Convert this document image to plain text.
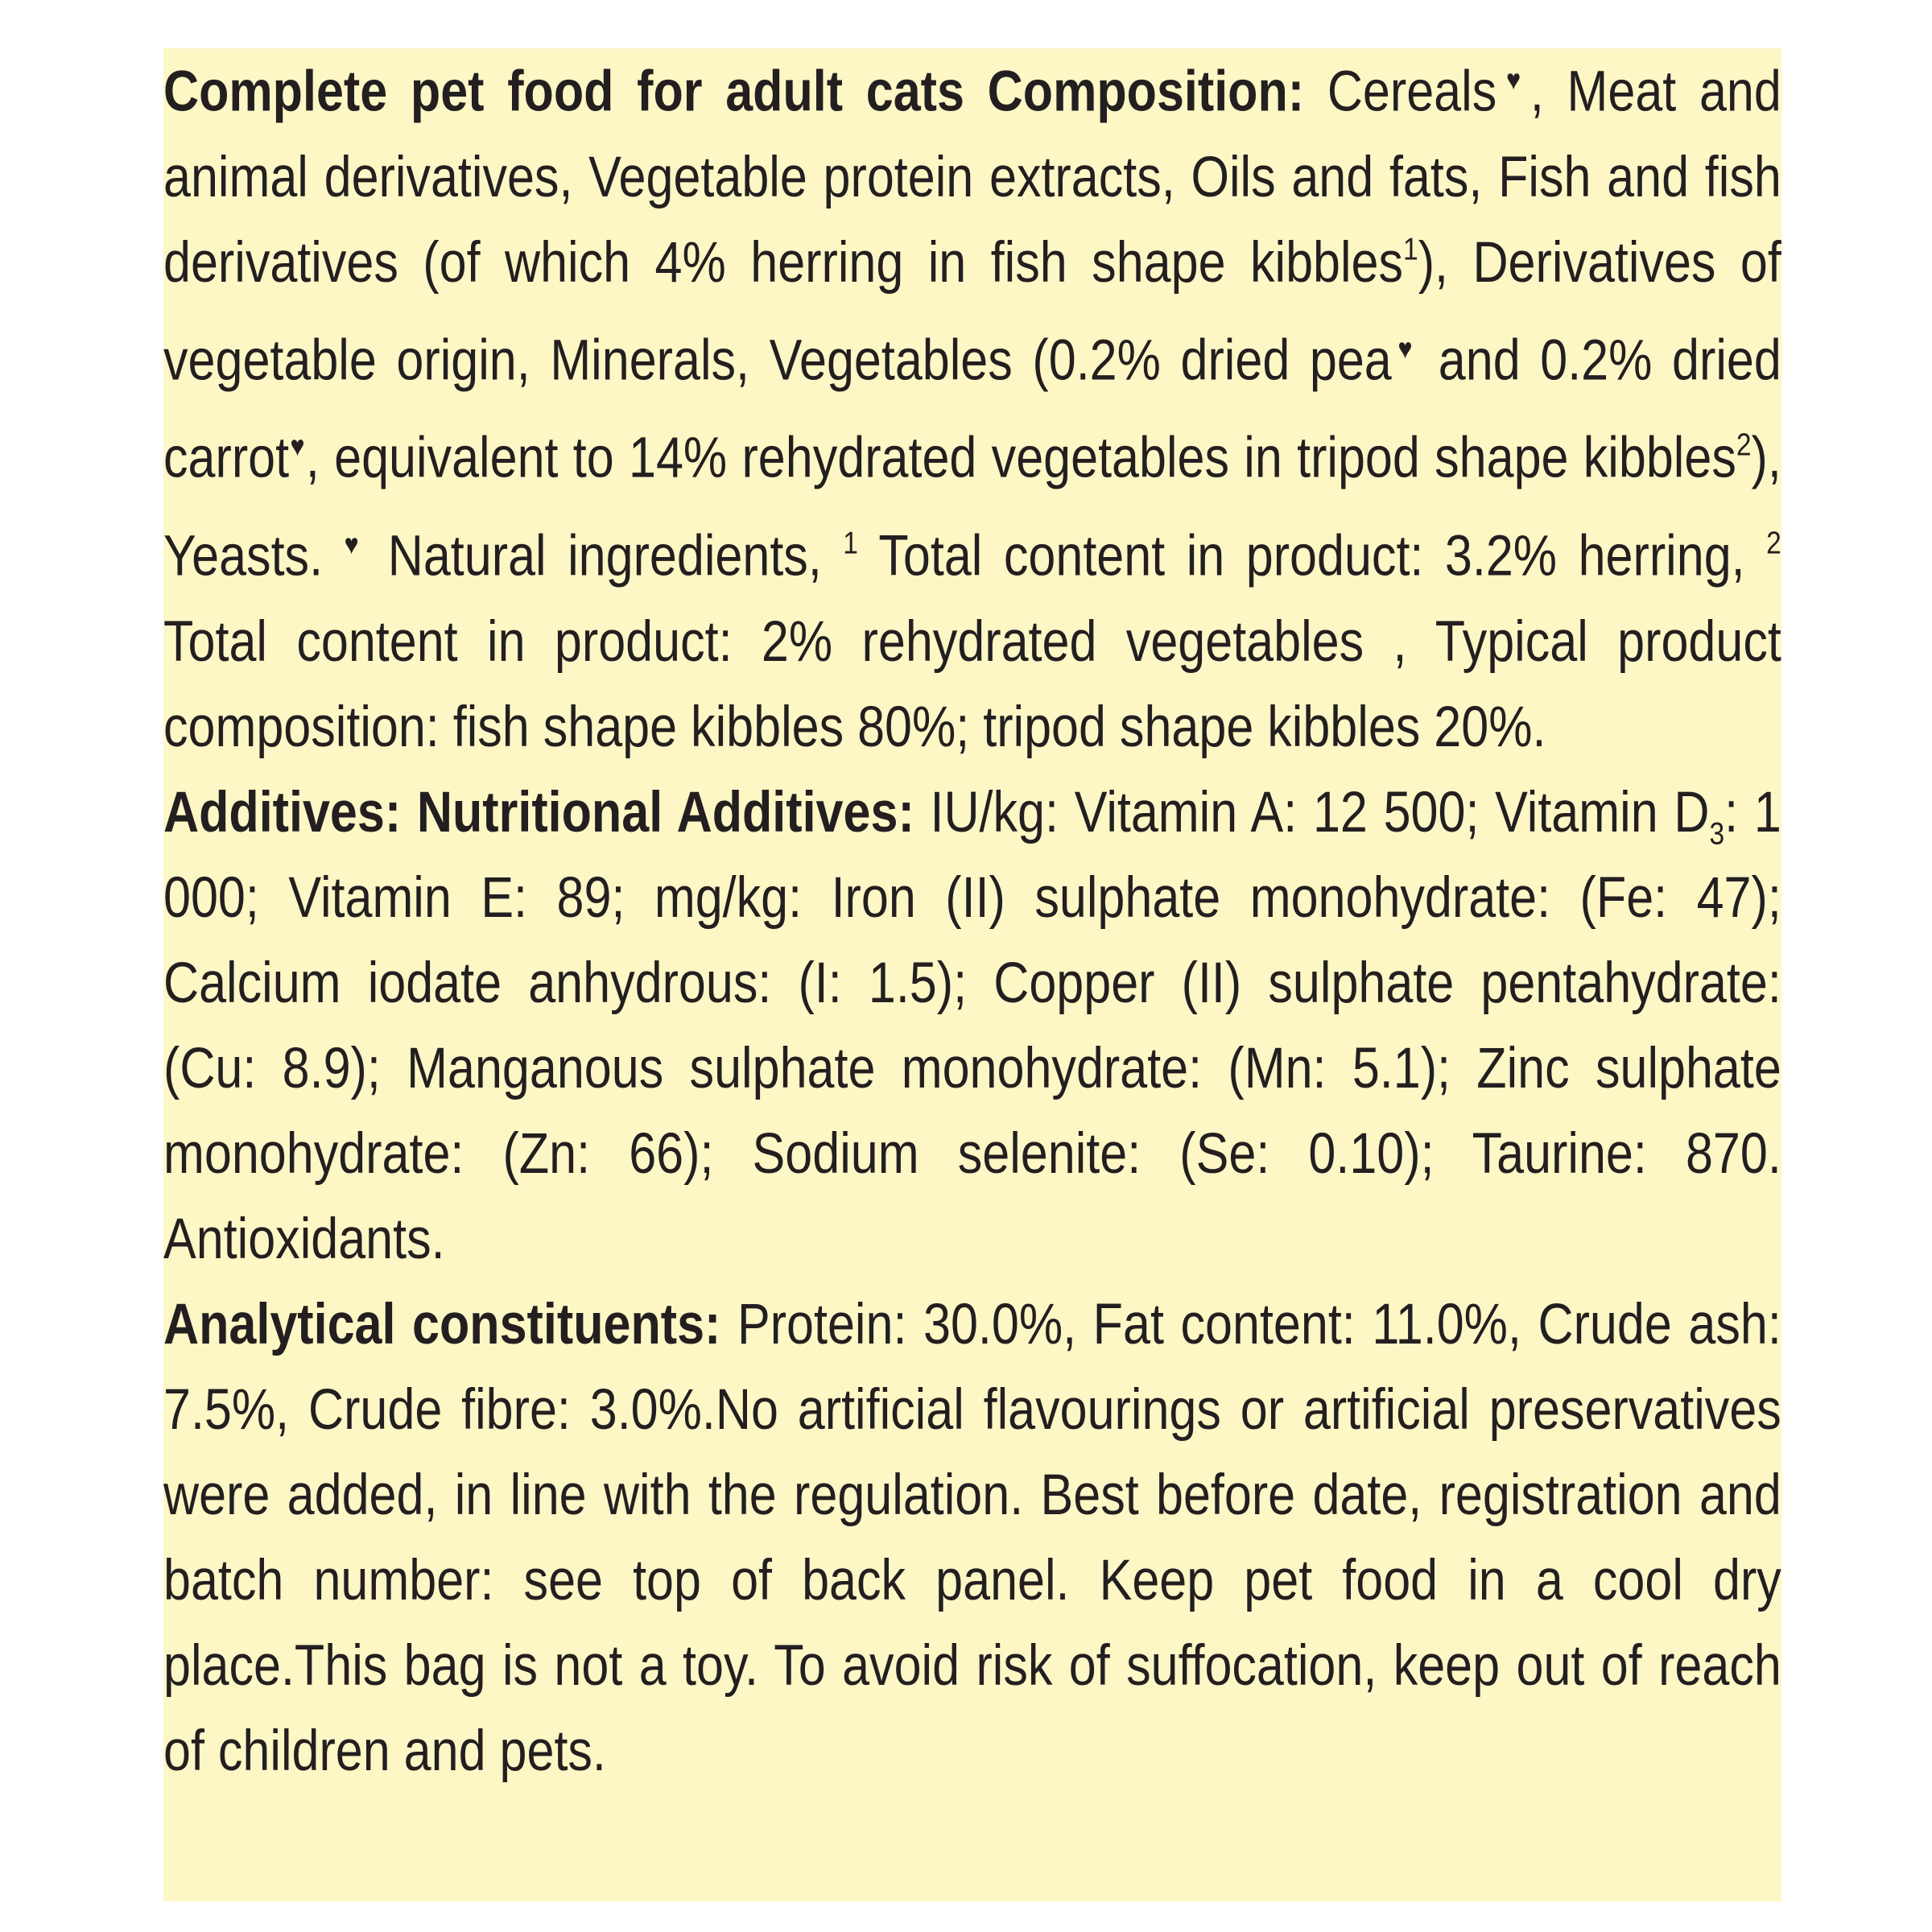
Complete pet food for adult cats Composition: Cereals♥, Meat and animal derivatives, Vegetable protein extracts, Oils and fats, Fish and fish derivatives (of which 4% herring in fish shape kibbles$^1$), Derivatives of vegetable origin, Minerals, Vegetables (0.2% dried pea♥ and 0.2% dried carrot♥, equivalent to 14% rehydrated vegetables in tripod shape kibbles$^2$), Yeasts. ♥ Natural ingredients, $^1$ Total content in product: 3.2% herring, $^2$ Total content in product: 2% rehydrated vegetables , Typical product composition: fish shape kibbles 80%; tripod shape kibbles 20%.

Additives: Nutritional Additives: IU/kg: Vitamin A: 12 500; Vitamin $D_3$: 1 000; Vitamin E: 89; mg/kg: Iron (II) sulphate monohydrate: (Fe: 47); Calcium iodate anhydrous: (I: 1.5); Copper (II) sulphate pentahydrate: (Cu: 8.9); Manganous sulphate monohydrate: (Mn: 5.1); Zinc sulphate monohydrate: (Zn: 66); Sodium selenite: (Se: 0.10); Taurine: 870. Antioxidants.

Analytical constituents: Protein: 30.0%, Fat content: 11.0%, Crude ash: 7.5%, Crude fibre: 3.0%.No artificial flavourings or artificial preservatives were added, in line with the regulation. Best before date, registration and batch number: see top of back panel. Keep pet food in a cool dry place.This bag is not a toy. To avoid risk of suffocation, keep out of reach of children and pets.
